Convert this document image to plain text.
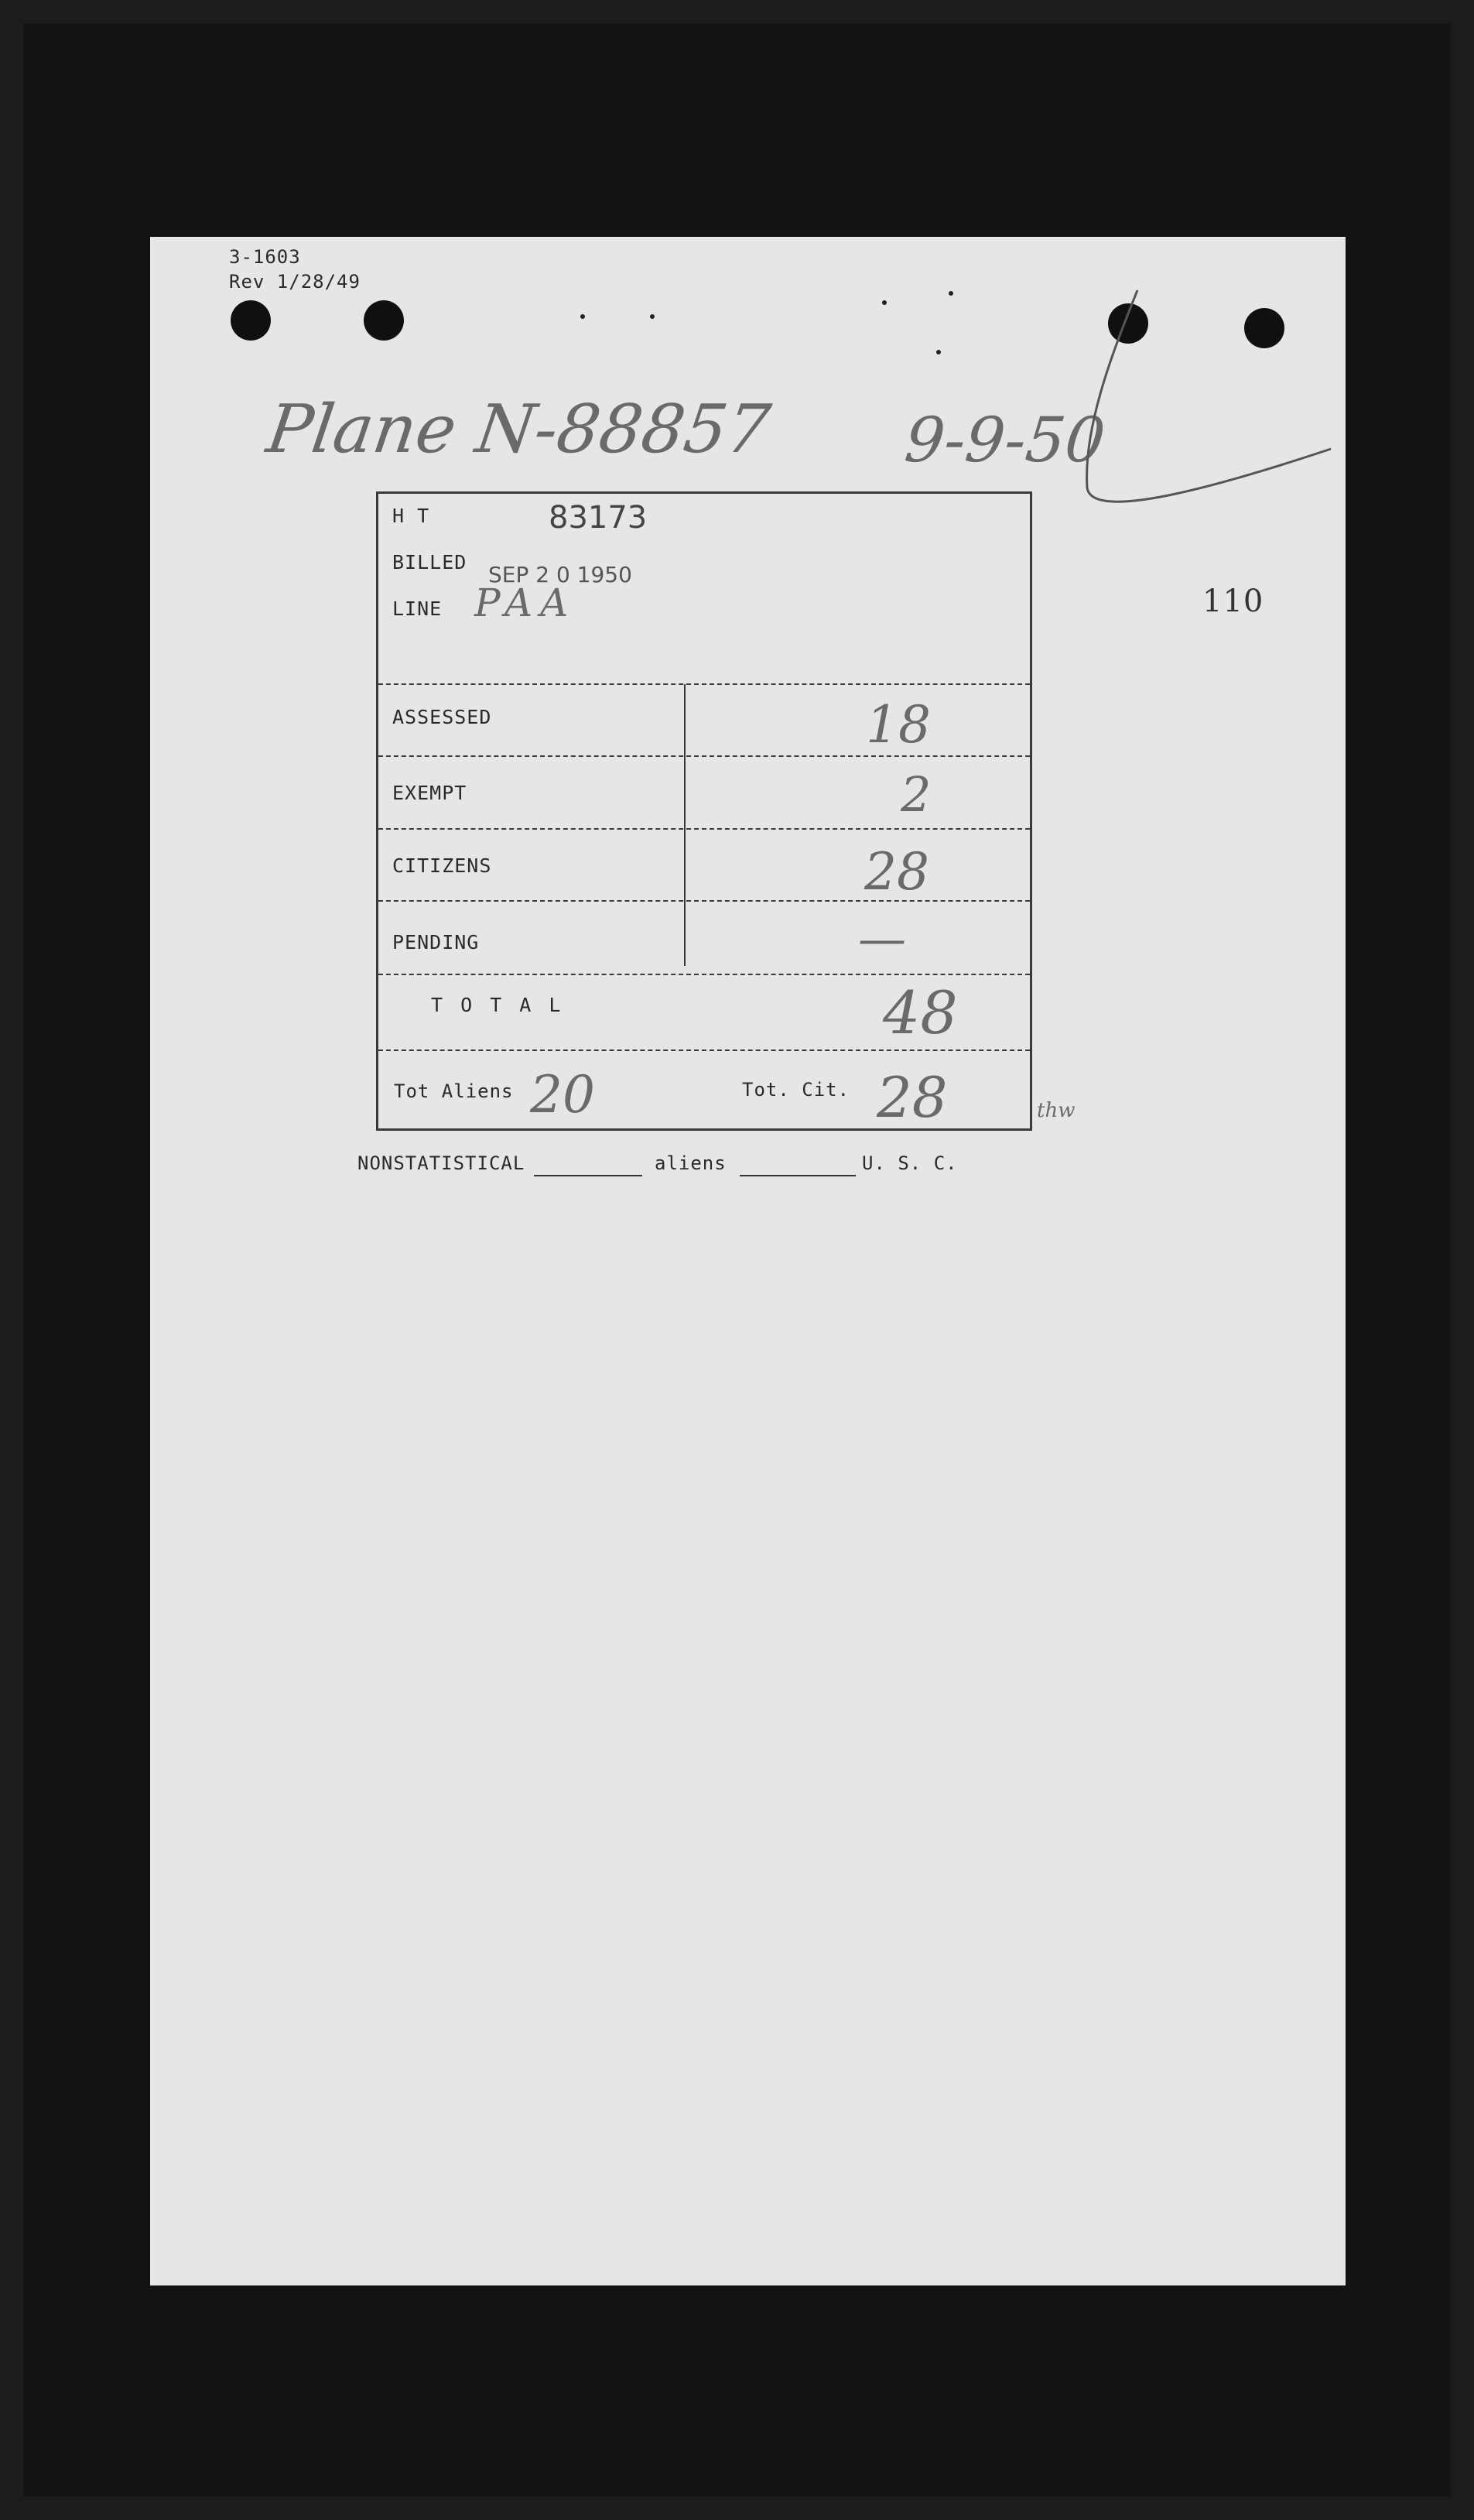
3-1603
Rev 1/28/49
Plane N-88857 9-9-50
110
H T	83173
BILLED SEP 2 0 1950
LINE PAA
ASSESSED	18
EXEMPT	2
CITIZENS	28
PENDING	—
T O T A L	48
Tot Aliens 20	Tot. Cit. 28	thw
NONSTATISTICAL	aliens	U. S. C.
